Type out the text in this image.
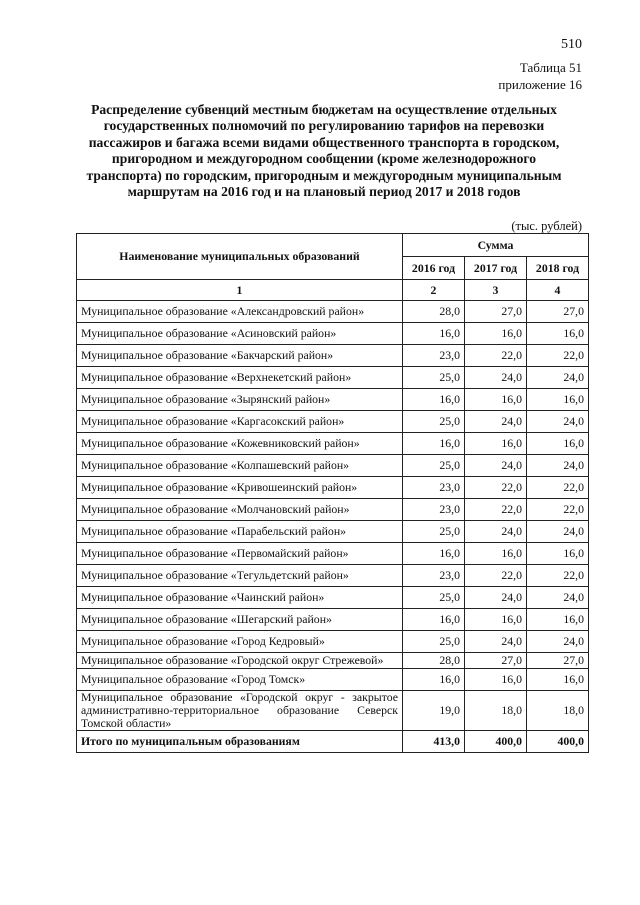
510
Таблица 51
приложение 16
Распределение субвенций местным бюджетам на осуществление отдельных государственных полномочий по регулированию тарифов на перевозки пассажиров и багажа всеми видами общественного транспорта в городском, пригородном и междугородном сообщении (кроме железнодорожного транспорта) по городским, пригородным и междугородным муниципальным маршрутам на 2016 год и на плановый период 2017 и 2018 годов
(тыс. рублей)
Наименование муниципальных образований	Сумма		
	2016 год	2017 год	2018 год
1	2	3	4
Муниципальное образование «Александровский район»	28,0	27,0	27,0
Муниципальное образование «Асиновский район»	16,0	16,0	16,0
Муниципальное образование «Бакчарский район»	23,0	22,0	22,0
Муниципальное образование «Верхнекетский район»	25,0	24,0	24,0
Муниципальное образование «Зырянский район»	16,0	16,0	16,0
Муниципальное образование «Каргасокский район»	25,0	24,0	24,0
Муниципальное образование «Кожевниковский район»	16,0	16,0	16,0
Муниципальное образование «Колпашевский район»	25,0	24,0	24,0
Муниципальное образование «Кривошеинский район»	23,0	22,0	22,0
Муниципальное образование «Молчановский район»	23,0	22,0	22,0
Муниципальное образование «Парабельский район»	25,0	24,0	24,0
Муниципальное образование «Первомайский район»	16,0	16,0	16,0
Муниципальное образование «Тегульдетский район»	23,0	22,0	22,0
Муниципальное образование «Чаинский район»	25,0	24,0	24,0
Муниципальное образование «Шегарский район»	16,0	16,0	16,0
Муниципальное образование «Город Кедровый»	25,0	24,0	24,0
Муниципальное образование «Городской округ Стрежевой»	28,0	27,0	27,0
Муниципальное образование «Город Томск»	16,0	16,0	16,0
Муниципальное образование «Городской округ - закрытое административно-территориальное образование Северск Томской области»	19,0	18,0	18,0
Итого по муниципальным образованиям	413,0	400,0	400,0
